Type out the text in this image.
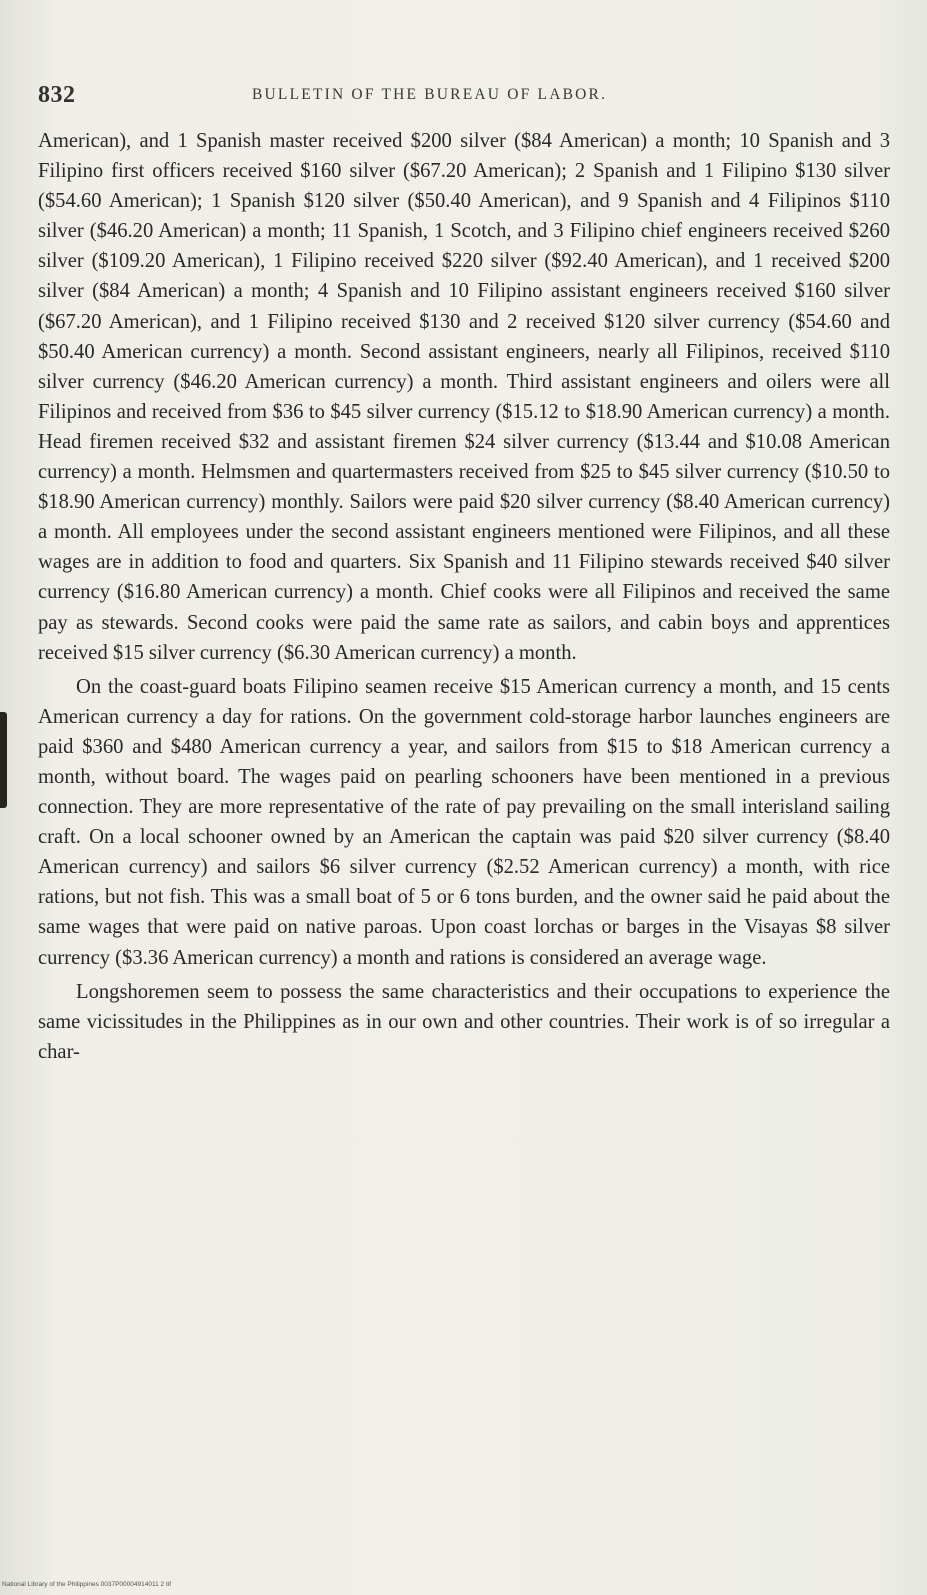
832	BULLETIN OF THE BUREAU OF LABOR.

American), and 1 Spanish master received $200 silver ($84 American) a month; 10 Spanish and 3 Filipino first officers received $160 silver ($67.20 American); 2 Spanish and 1 Filipino $130 silver ($54.60 American); 1 Spanish $120 silver ($50.40 American), and 9 Spanish and 4 Filipinos $110 silver ($46.20 American) a month; 11 Spanish, 1 Scotch, and 3 Filipino chief engineers received $260 silver ($109.20 American), 1 Filipino received $220 silver ($92.40 American), and 1 received $200 silver ($84 American) a month; 4 Spanish and 10 Filipino assistant engineers received $160 silver ($67.20 American), and 1 Filipino received $130 and 2 received $120 silver currency ($54.60 and $50.40 American currency) a month. Second assistant engineers, nearly all Filipinos, received $110 silver currency ($46.20 American currency) a month. Third assistant engineers and oilers were all Filipinos and received from $36 to $45 silver currency ($15.12 to $18.90 American currency) a month. Head firemen received $32 and assistant firemen $24 silver currency ($13.44 and $10.08 American currency) a month. Helmsmen and quartermasters received from $25 to $45 silver currency ($10.50 to $18.90 American currency) monthly. Sailors were paid $20 silver currency ($8.40 American currency) a month. All employees under the second assistant engineers mentioned were Filipinos, and all these wages are in addition to food and quarters. Six Spanish and 11 Filipino stewards received $40 silver currency ($16.80 American currency) a month. Chief cooks were all Filipinos and received the same pay as stewards. Second cooks were paid the same rate as sailors, and cabin boys and apprentices received $15 silver currency ($6.30 American currency) a month.

On the coast-guard boats Filipino seamen receive $15 American currency a month, and 15 cents American currency a day for rations. On the government cold-storage harbor launches engineers are paid $360 and $480 American currency a year, and sailors from $15 to $18 American currency a month, without board. The wages paid on pearling schooners have been mentioned in a previous connection. They are more representative of the rate of pay prevailing on the small interisland sailing craft. On a local schooner owned by an American the captain was paid $20 silver currency ($8.40 American currency) and sailors $6 silver currency ($2.52 American currency) a month, with rice rations, but not fish. This was a small boat of 5 or 6 tons burden, and the owner said he paid about the same wages that were paid on native paroas. Upon coast lorchas or barges in the Visayas $8 silver currency ($3.36 American currency) a month and rations is considered an average wage.

Longshoremen seem to possess the same characteristics and their occupations to experience the same vicissitudes in the Philippines as in our own and other countries. Their work is of so irregular a char-

National Library of the Philippines 0037P00004914011 2 tif
